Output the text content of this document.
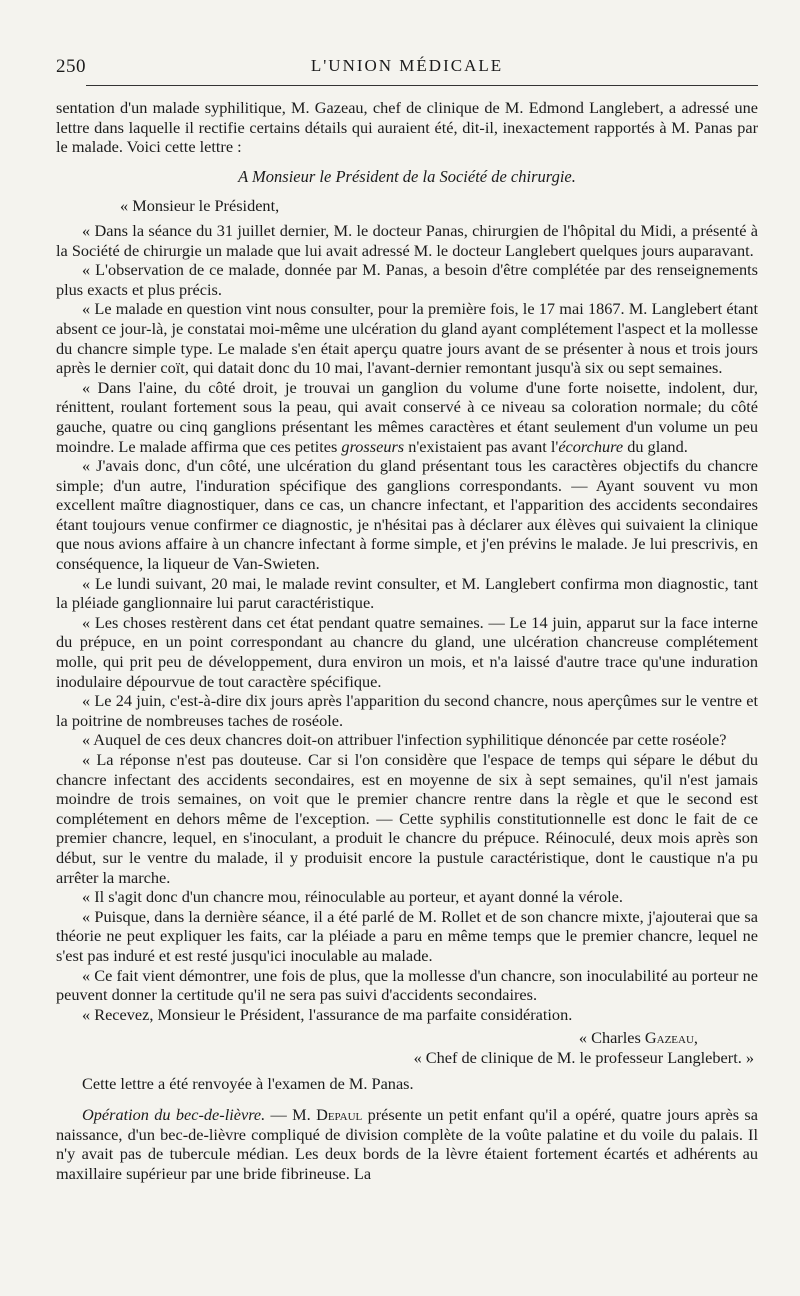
250	L'UNION MÉDICALE

sentation d'un malade syphilitique, M. Gazeau, chef de clinique de M. Edmond Langlebert, a adressé une lettre dans laquelle il rectifie certains détails qui auraient été, dit-il, inexactement rapportés à M. Panas par le malade. Voici cette lettre :

A Monsieur le Président de la Société de chirurgie.

« Monsieur le Président,

« Dans la séance du 31 juillet dernier, M. le docteur Panas, chirurgien de l'hôpital du Midi, a présenté à la Société de chirurgie un malade que lui avait adressé M. le docteur Langlebert quelques jours auparavant.

« L'observation de ce malade, donnée par M. Panas, a besoin d'être complétée par des renseignements plus exacts et plus précis.

« Le malade en question vint nous consulter, pour la première fois, le 17 mai 1867. M. Langlebert étant absent ce jour-là, je constatai moi-même une ulcération du gland ayant complétement l'aspect et la mollesse du chancre simple type. Le malade s'en était aperçu quatre jours avant de se présenter à nous et trois jours après le dernier coït, qui datait donc du 10 mai, l'avant-dernier remontant jusqu'à six ou sept semaines.

« Dans l'aine, du côté droit, je trouvai un ganglion du volume d'une forte noisette, indolent, dur, rénittent, roulant fortement sous la peau, qui avait conservé à ce niveau sa coloration normale; du côté gauche, quatre ou cinq ganglions présentant les mêmes caractères et étant seulement d'un volume un peu moindre. Le malade affirma que ces petites grosseurs n'existaient pas avant l'écorchure du gland.

« J'avais donc, d'un côté, une ulcération du gland présentant tous les caractères objectifs du chancre simple; d'un autre, l'induration spécifique des ganglions correspondants. — Ayant souvent vu mon excellent maître diagnostiquer, dans ce cas, un chancre infectant, et l'apparition des accidents secondaires étant toujours venue confirmer ce diagnostic, je n'hésitai pas à déclarer aux élèves qui suivaient la clinique que nous avions affaire à un chancre infectant à forme simple, et j'en prévins le malade. Je lui prescrivis, en conséquence, la liqueur de Van-Swieten.

« Le lundi suivant, 20 mai, le malade revint consulter, et M. Langlebert confirma mon diagnostic, tant la pléiade ganglionnaire lui parut caractéristique.

« Les choses restèrent dans cet état pendant quatre semaines. — Le 14 juin, apparut sur la face interne du prépuce, en un point correspondant au chancre du gland, une ulcération chancreuse complétement molle, qui prit peu de développement, dura environ un mois, et n'a laissé d'autre trace qu'une induration inodulaire dépourvue de tout caractère spécifique.

« Le 24 juin, c'est-à-dire dix jours après l'apparition du second chancre, nous aperçûmes sur le ventre et la poitrine de nombreuses taches de roséole.

« Auquel de ces deux chancres doit-on attribuer l'infection syphilitique dénoncée par cette roséole?

« La réponse n'est pas douteuse. Car si l'on considère que l'espace de temps qui sépare le début du chancre infectant des accidents secondaires, est en moyenne de six à sept semaines, qu'il n'est jamais moindre de trois semaines, on voit que le premier chancre rentre dans la règle et que le second est complétement en dehors même de l'exception. — Cette syphilis constitutionnelle est donc le fait de ce premier chancre, lequel, en s'inoculant, a produit le chancre du prépuce. Réinoculé, deux mois après son début, sur le ventre du malade, il y produisit encore la pustule caractéristique, dont le caustique n'a pu arrêter la marche.

« Il s'agit donc d'un chancre mou, réinoculable au porteur, et ayant donné la vérole.

« Puisque, dans la dernière séance, il a été parlé de M. Rollet et de son chancre mixte, j'ajouterai que sa théorie ne peut expliquer les faits, car la pléiade a paru en même temps que le premier chancre, lequel ne s'est pas induré et est resté jusqu'ici inoculable au malade.

« Ce fait vient démontrer, une fois de plus, que la mollesse d'un chancre, son inoculabilité au porteur ne peuvent donner la certitude qu'il ne sera pas suivi d'accidents secondaires.

« Recevez, Monsieur le Président, l'assurance de ma parfaite considération.

« Charles Gazeau,

« Chef de clinique de M. le professeur Langlebert. »

Cette lettre a été renvoyée à l'examen de M. Panas.

Opération du bec-de-lièvre. — M. Depaul présente un petit enfant qu'il a opéré, quatre jours après sa naissance, d'un bec-de-lièvre compliqué de division complète de la voûte palatine et du voile du palais. Il n'y avait pas de tubercule médian. Les deux bords de la lèvre étaient fortement écartés et adhérents au maxillaire supérieur par une bride fibrineuse. La
